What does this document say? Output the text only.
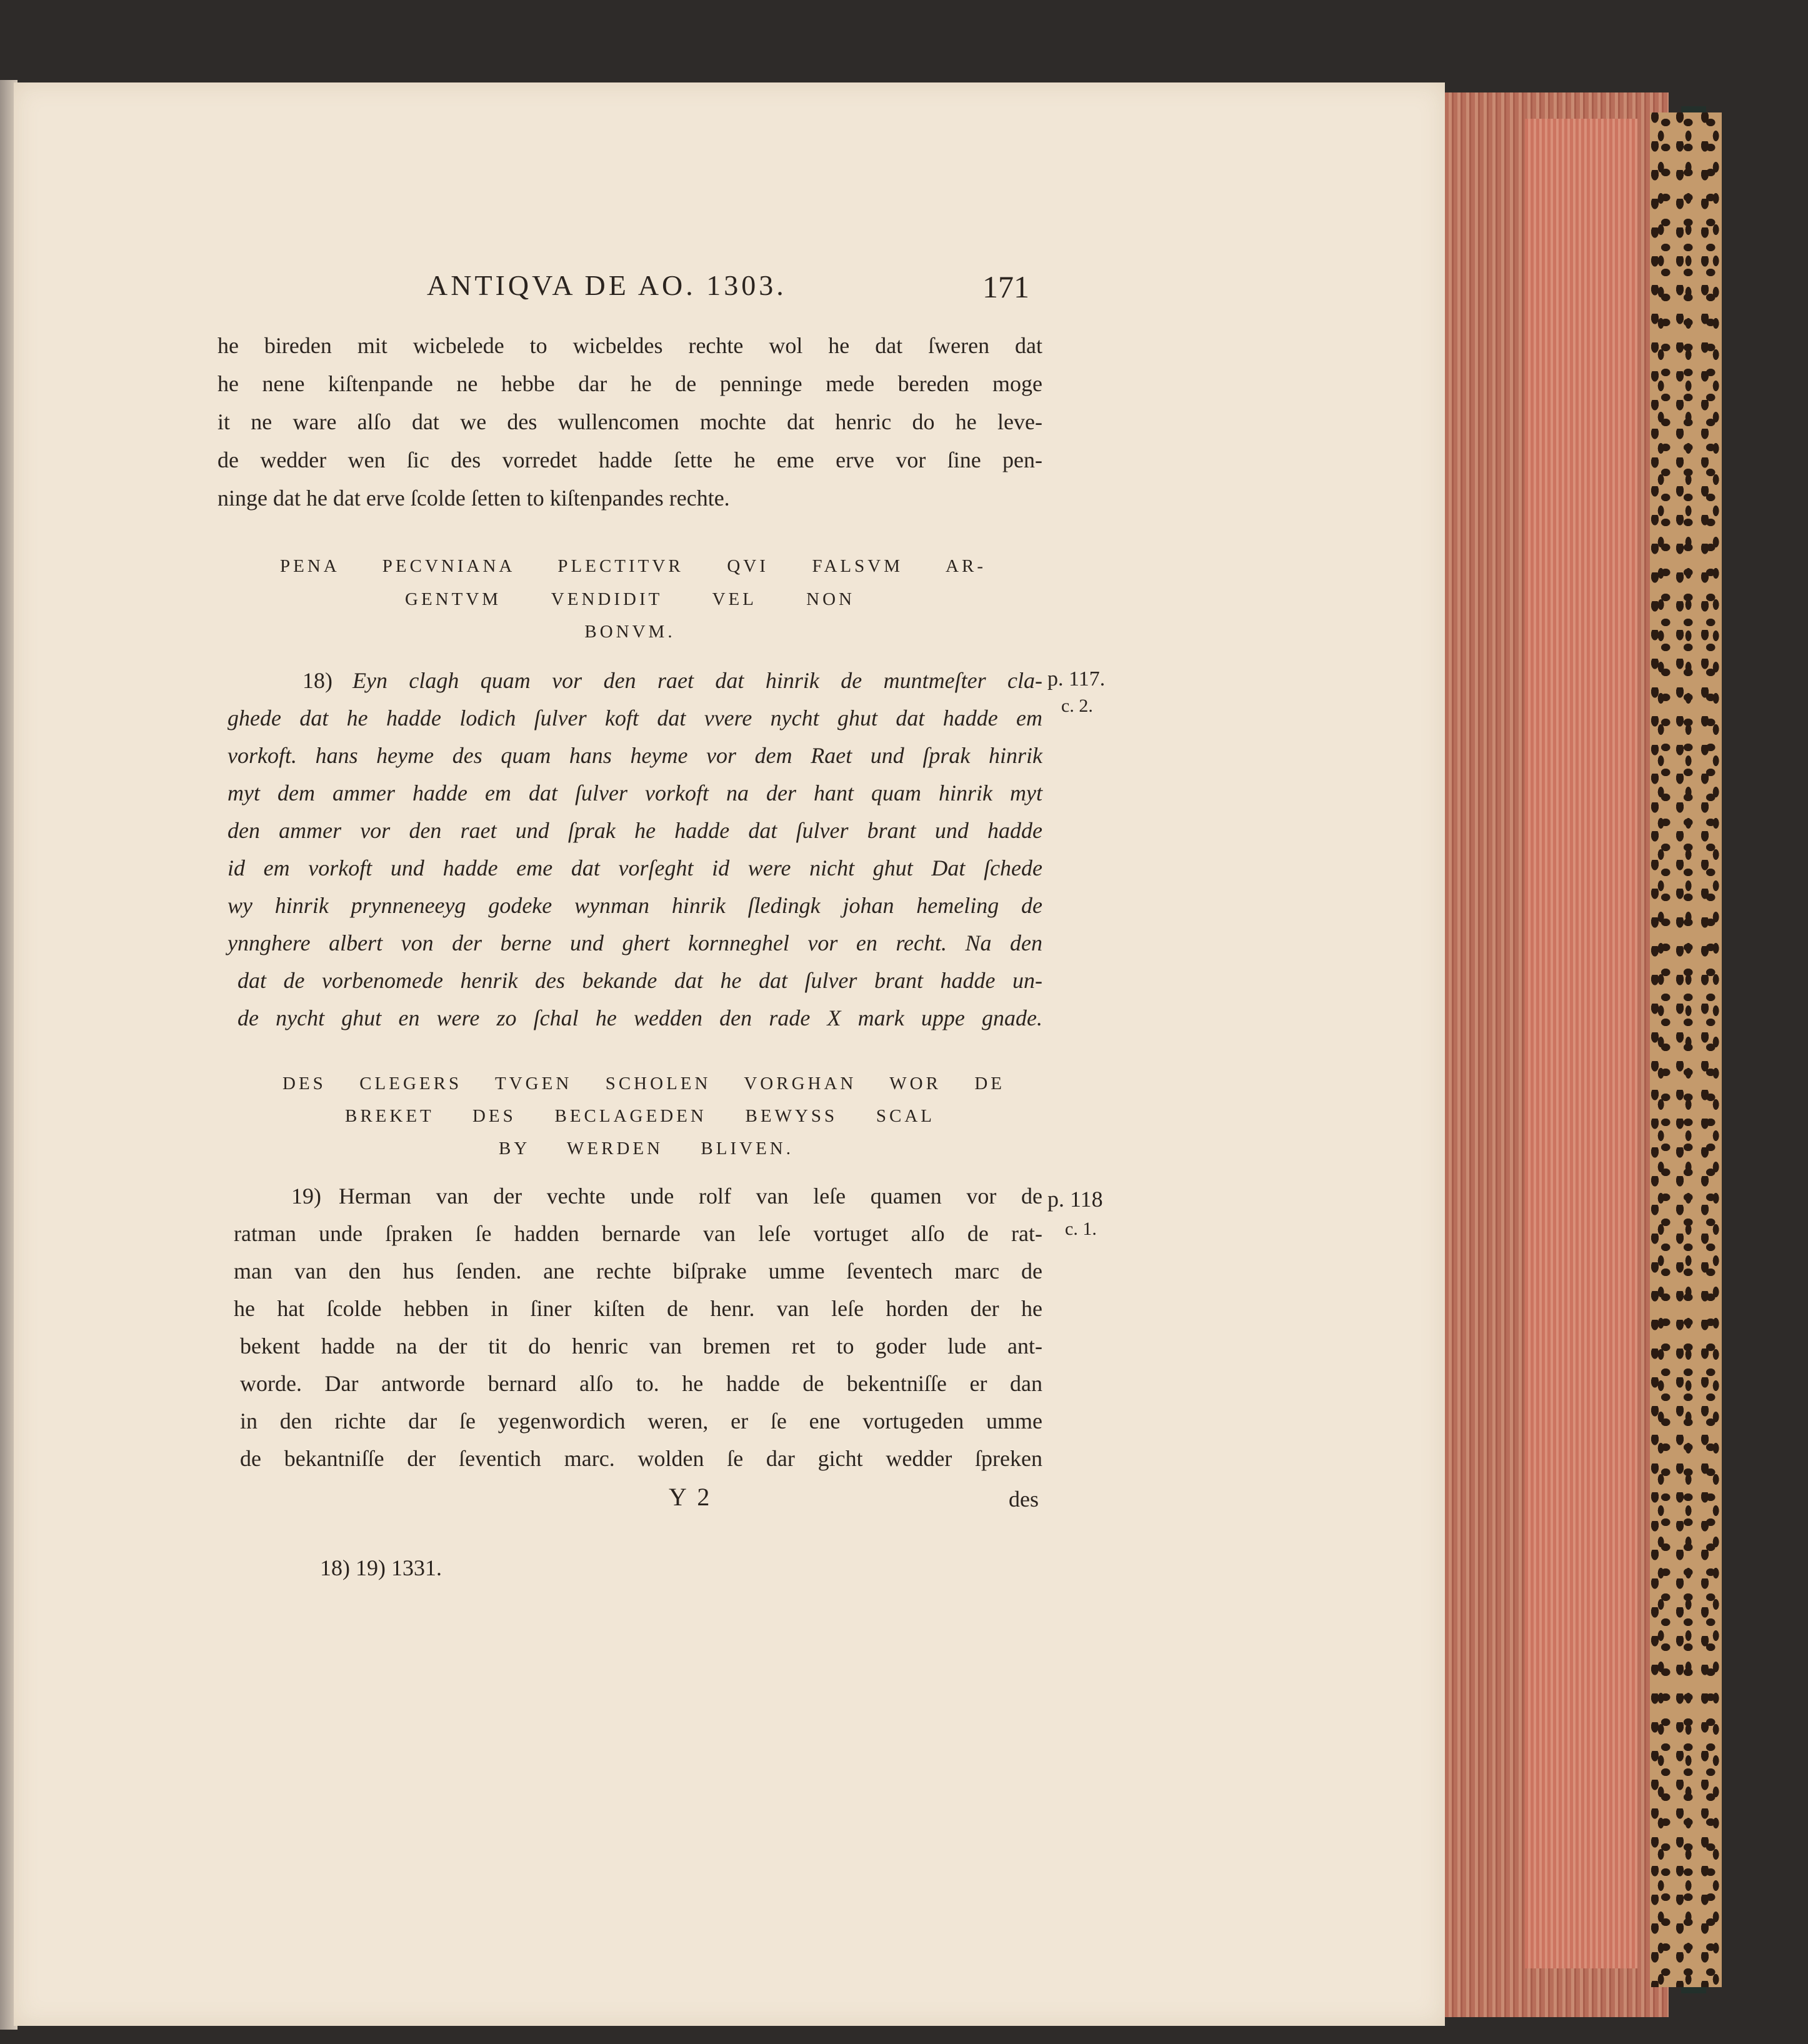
ANTIQVA DE AO. 1303.	171
he bireden mit wicbelede to wicbeldes rechte wol he dat ſweren dat
he nene kiſtenpande ne hebbe dar he de penninge mede bereden moge
it ne ware alſo dat we des wullencomen mochte dat henric do he leve-
de wedder wen ſic des vorredet hadde ſette he eme erve vor ſine pen-
ninge dat he dat erve ſcolde ſetten to kiſtenpandes rechte.
PENA PECVNIANA PLECTITVR QVI FALSVM AR-
GENTVM VENDIDIT VEL NON
BONVM.
18) Eyn clagh quam vor den raet dat hinrik de muntmeſter cla-
ghede dat he hadde lodich ſulver koft dat vvere nycht ghut dat hadde em
vorkoft. hans heyme des quam hans heyme vor dem Raet und ſprak hinrik
myt dem ammer hadde em dat ſulver vorkoft na der hant quam hinrik myt
den ammer vor den raet und ſprak he hadde dat ſulver brant und hadde
id em vorkoft und hadde eme dat vorſeght id were nicht ghut Dat ſchede
wy hinrik prynneneeyg godeke wynman hinrik ſledingk johan hemeling de
ynnghere albert von der berne und ghert kornneghel vor en recht. Na den
dat de vorbenomede henrik des bekande dat he dat ſulver brant hadde un-
de nycht ghut en were zo ſchal he wedden den rade X mark uppe gnade.
p. 117.
c. 2.
DES CLEGERS TVGEN SCHOLEN VORGHAN WOR DE
BREKET DES BECLAGEDEN BEWYSS SCAL
BY WERDEN BLIVEN.
19) Herman van der vechte unde rolf van leſe quamen vor de
ratman unde ſpraken ſe hadden bernarde van leſe vortuget alſo de rat-
man van den hus ſenden. ane rechte biſprake umme ſeventech marc de
he hat ſcolde hebben in ſiner kiſten de henr. van leſe horden der he
bekent hadde na der tit do henric van bremen ret to goder lude ant-
worde. Dar antworde bernard alſo to. he hadde de bekentniſſe er dan
in den richte dar ſe yegenwordich weren, er ſe ene vortugeden umme
de bekantniſſe der ſeventich marc. wolden ſe dar gicht wedder ſpreken
p. 118
c. 1.
Y 2	des
18) 19) 1331.
